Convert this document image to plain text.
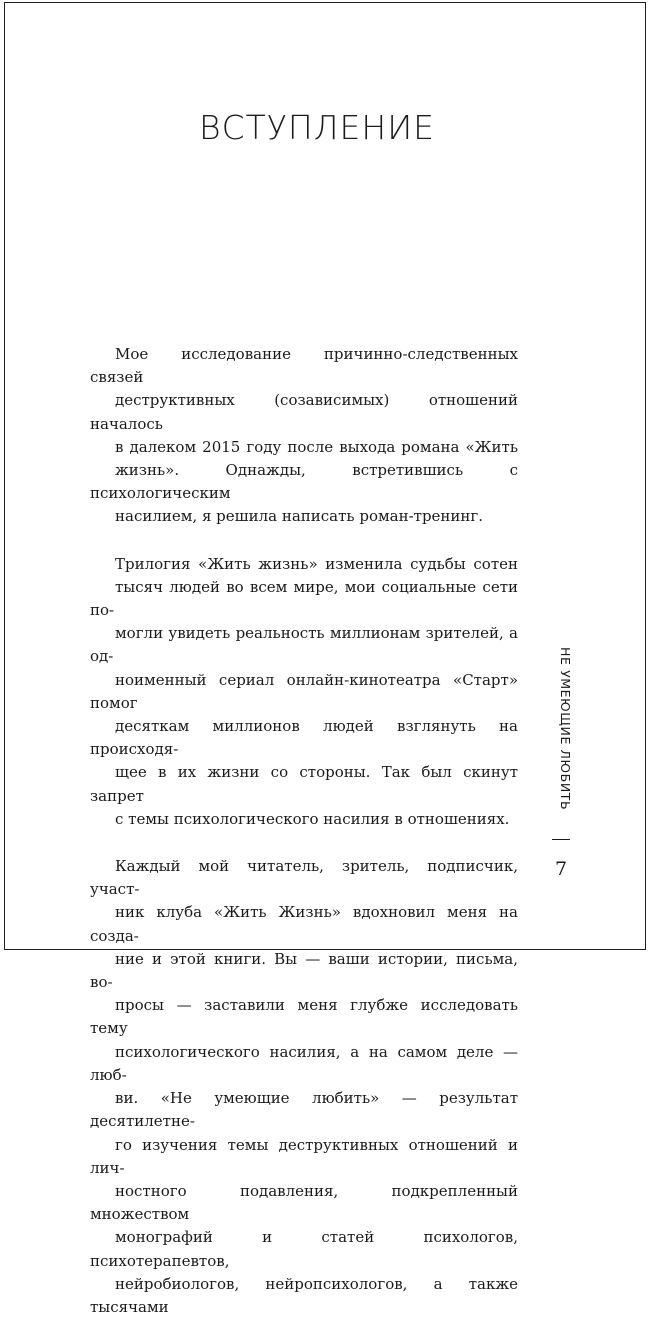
ВСТУПЛЕНИЕ

Мое исследование причинно-следственных связей
деструктивных (созависимых) отношений началось
в далеком 2015 году после выхода романа «Жить
жизнь». Однажды, встретившись с психологическим
насилием, я решила написать роман-тренинг.

Трилогия «Жить жизнь» изменила судьбы сотен
тысяч людей во всем мире, мои социальные сети по-
могли увидеть реальность миллионам зрителей, а од-
ноименный сериал онлайн-кинотеатра «Старт» помог
десяткам миллионов людей взглянуть на происходя-
щее в их жизни со стороны. Так был скинут запрет
с темы психологического насилия в отношениях.

Каждый мой читатель, зритель, подписчик, участ-
ник клуба «Жить Жизнь» вдохновил меня на созда-
ние и этой книги. Вы — ваши истории, письма, во-
просы — заставили меня глубже исследовать тему
психологического насилия, а на самом деле — люб-
ви. «Не умеющие любить» — результат десятилетне-
го изучения темы деструктивных отношений и лич-
ностного подавления, подкрепленный множеством
монографий и статей психологов, психотерапевтов,
нейробиологов, нейропсихологов, а также тысячами

НЕ УМЕЮЩИЕ ЛЮБИТЬ
7
